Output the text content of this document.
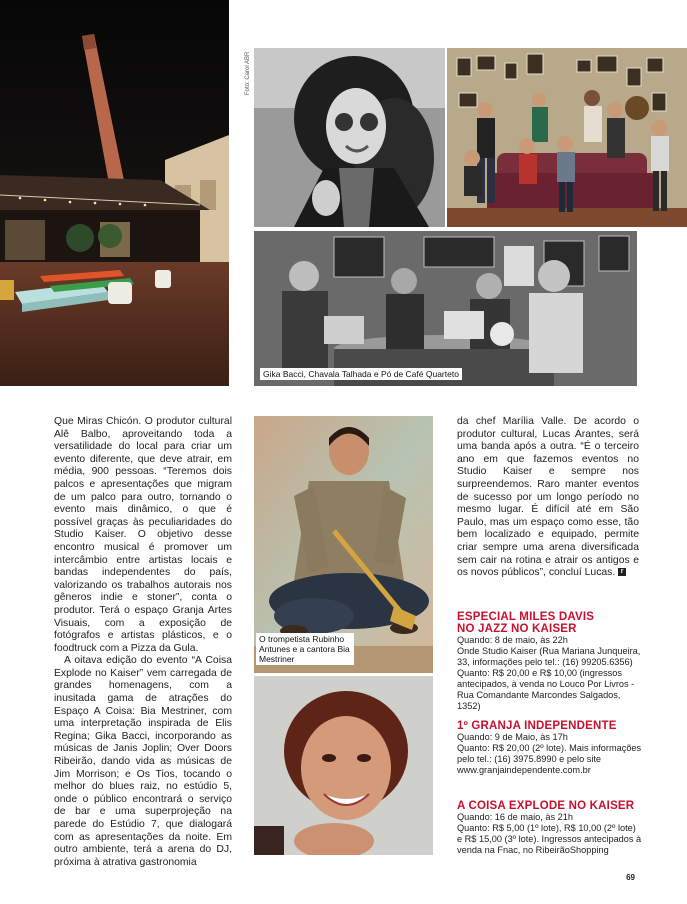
Foto: Carol ABR
Gika Bacci, Chavala Talhada e Pó de Café Quarteto
O trompetista Rubinho Antunes e a cantora Bia Mestriner

Que Miras Chicón. O produtor cultural Alê Balbo, aproveitando toda a versatilidade do local para criar um evento diferente, que deve atrair, em média, 900 pessoas. “Teremos dois palcos e apresentações que migram de um palco para outro, tornando o evento mais dinâmico, o que é possível graças às peculiaridades do Studio Kaiser. O objetivo desse encontro musical é promover um intercâmbio entre artistas locais e bandas independentes do país, valorizando os trabalhos autorais nos gêneros indie e stoner”, conta o produtor. Terá o espaço Granja Artes Visuais, com a exposição de fotógrafos e artistas plásticos, e o foodtruck com a Pizza da Gula.

A oitava edição do evento “A Coisa Explode no Kaiser” vem carregada de grandes homenagens, com a inusitada gama de atrações do Espaço A Coisa: Bia Mestriner, com uma interpretação inspirada de Elis Regina; Gika Bacci, incorporando as músicas de Janis Joplin; Over Doors Ribeirão, dando vida as músicas de Jim Morrison; e Os Tios, tocando o melhor do blues raiz, no estúdio 5, onde o público encontrará o serviço de bar e uma superprojeção na parede do Estúdio 7, que dialogará com as apresentações da noite. Em outro ambiente, terá a arena do DJ, próxima à atrativa gastronomia

da chef Marília Valle. De acordo o produtor cultural, Lucas Arantes, será uma banda após a outra. “É o terceiro ano em que fazemos eventos no Studio Kaiser e sempre nos surpreendemos. Raro manter eventos de sucesso por um longo período no mesmo lugar. É difícil até em São Paulo, mas um espaço como esse, tão bem localizado e equipado, permite criar sempre uma arena diversificada sem cair na rotina e atrair os antigos e os novos públicos”, concluí Lucas. r

ESPECIAL MILES DAVIS
NO JAZZ NO KAISER
Quando: 8 de maio, às 22h
Onde Studio Kaiser (Rua Mariana Junqueira, 33, informações pelo tel.: (16) 99205.6356)
Quanto: R$ 20,00 e R$ 10,00 (ingressos antecipados, à venda no Louco Por Livros - Rua Comandante Marcondes Salgados, 1352)
1º GRANJA INDEPENDENTE
Quando: 9 de Maio, às 17h
Quanto: R$ 20,00 (2º lote). Mais informações pelo tel.: (16) 3975.8990 e pelo site www.granjaindependente.com.br
A COISA EXPLODE NO KAISER
Quando: 16 de maio, às 21h
Quanto: R$ 5,00 (1º lote), R$ 10,00 (2º lote) e R$ 15,00 (3º lote). Ingressos antecipados à venda na Fnac, no RibeirãoShopping
69
